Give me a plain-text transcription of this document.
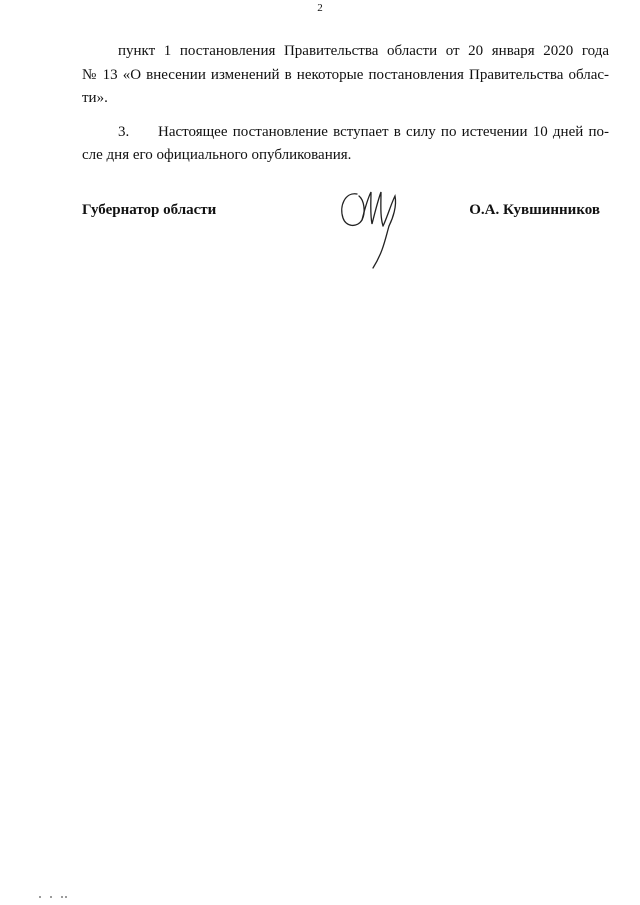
2
пункт 1 постановления Правительства области от 20 января 2020 года
№ 13 «О внесении изменений в некоторые постановления Правительства облас-
ти».
3. Настоящее постановление вступает в силу по истечении 10 дней по-
сле дня его официального опубликования.
Губернатор области	О.А. Кувшинников
